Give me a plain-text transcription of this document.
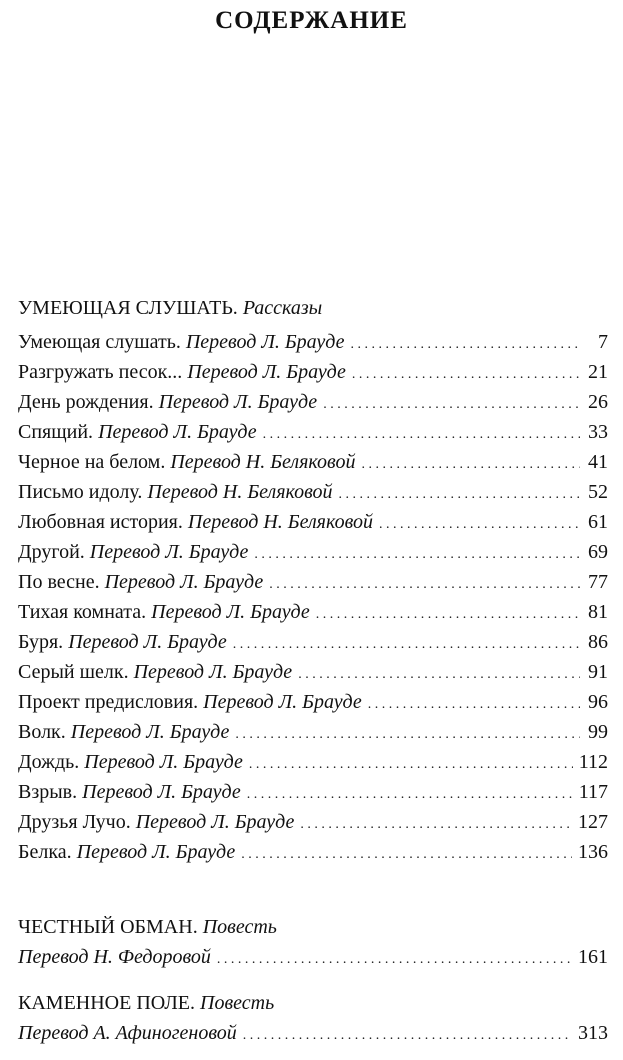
СОДЕРЖАНИЕ
УМЕЮЩАЯ СЛУШАТЬ. Рассказы
Умеющая слушать. Перевод Л. Брауде . . .	7
Разгружать песок... Перевод Л. Брауде . . .	21
День рождения. Перевод Л. Брауде . . .	26
Спящий. Перевод Л. Брауде . . .	33
Черное на белом. Перевод Н. Беляковой . . .	41
Письмо идолу. Перевод Н. Беляковой . . .	52
Любовная история. Перевод Н. Беляковой . . .	61
Другой. Перевод Л. Брауде . . .	69
По весне. Перевод Л. Брауде . . .	77
Тихая комната. Перевод Л. Брауде . . .	81
Буря. Перевод Л. Брауде . . .	86
Серый шелк. Перевод Л. Брауде . . .	91
Проект предисловия. Перевод Л. Брауде . . .	96
Волк. Перевод Л. Брауде . . .	99
Дождь. Перевод Л. Брауде . . .	112
Взрыв. Перевод Л. Брауде . . .	117
Друзья Лучо. Перевод Л. Брауде . . .	127
Белка. Перевод Л. Брауде . . .	136
ЧЕСТНЫЙ ОБМАН. Повесть
Перевод Н. Федоровой . . .	161
КАМЕННОЕ ПОЛЕ. Повесть
Перевод А. Афиногеновой . . .	313
